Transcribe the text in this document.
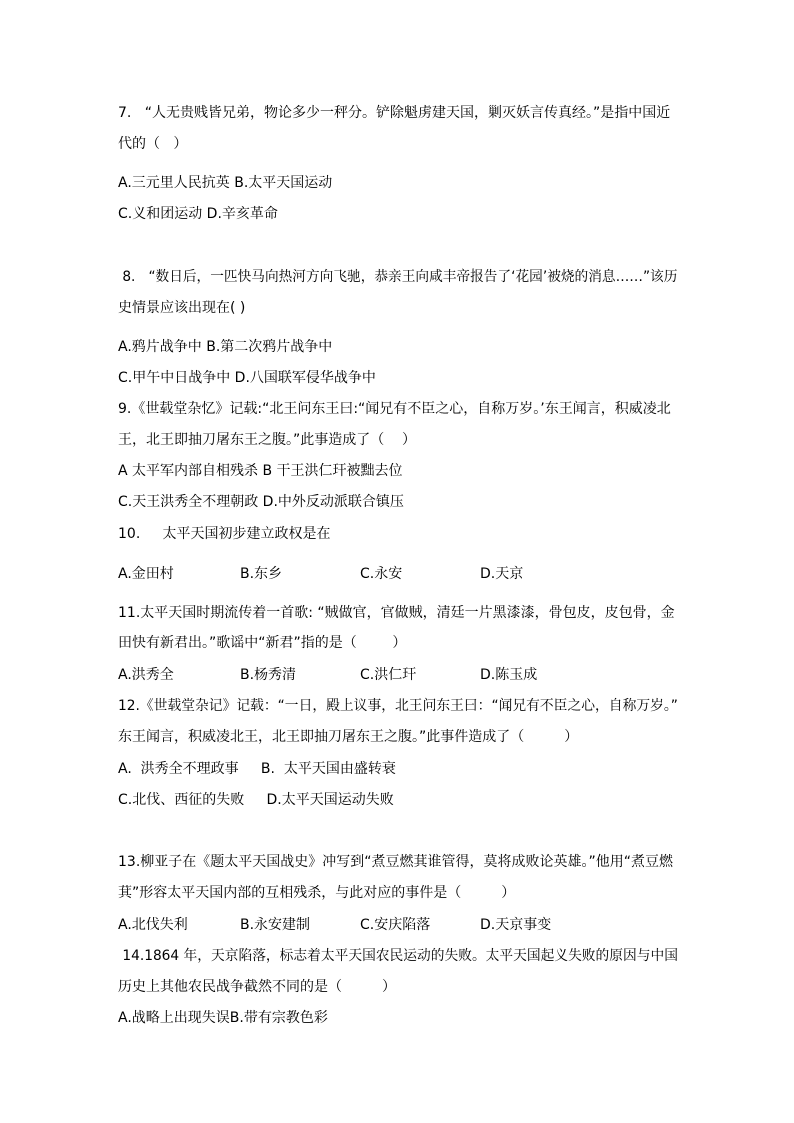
7.   “人无贵贱皆兄弟，物论多少一秤分。铲除魁虏建天国，剿灭妖言传真经。”是指中国近
代的（   ）
A.三元里人民抗英 B.太平天国运动
C.义和团运动 D.辛亥革命
8.   “数日后，一匹快马向热河方向飞驰，恭亲王向咸丰帝报告了‘花园’被烧的消息……”该历
史情景应该出现在( )
A.鸦片战争中 B.第二次鸦片战争中
C.甲午中日战争中 D.八国联军侵华战争中
9.《世载堂杂忆》记载:“北王问东王曰:“闻兄有不臣之心，自称万岁。’东王闻言，积威凌北
王，北王即抽刀屠东王之腹。”此事造成了（    ）
A 太平军内部自相残杀 B 干王洪仁玕被黜去位
C.天王洪秀全不理朝政 D.中外反动派联合镇压
10.     太平天国初步建立政权是在
A.金田村	B.东乡	C.永安	D.天京
11.太平天国时期流传着一首歌: “贼做官，官做贼，清廷一片黑漆漆，骨包皮，皮包骨，金
田快有新君出。”歌谣中“新君”指的是（        ）
A.洪秀全	B.杨秀清	C.洪仁玕	D.陈玉成
12.《世载堂杂记》记载：“一日，殿上议事，北王问东王曰：“闻兄有不臣之心，自称万岁。”
东王闻言，积威凌北王，北王即抽刀屠东王之腹。”此事件造成了（         ）
A.  洪秀全不理政事     B.  太平天国由盛转衰
C.北伐、西征的失败     D.太平天国运动失败
13.柳亚子在《题太平天国战史》冲写到“煮豆燃萁谁管得，莫将成败论英雄。”他用“煮豆燃
萁”形容太平天国内部的互相残杀，与此对应的事件是（         ）
A.北伐失利	B.永安建制	C.安庆陷落	D.天京事变
14.1864 年，天京陷落，标志着太平天国农民运动的失败。太平天国起义失败的原因与中国
历史上其他农民战争截然不同的是（         ）
A.战略上出现失误B.带有宗教色彩
